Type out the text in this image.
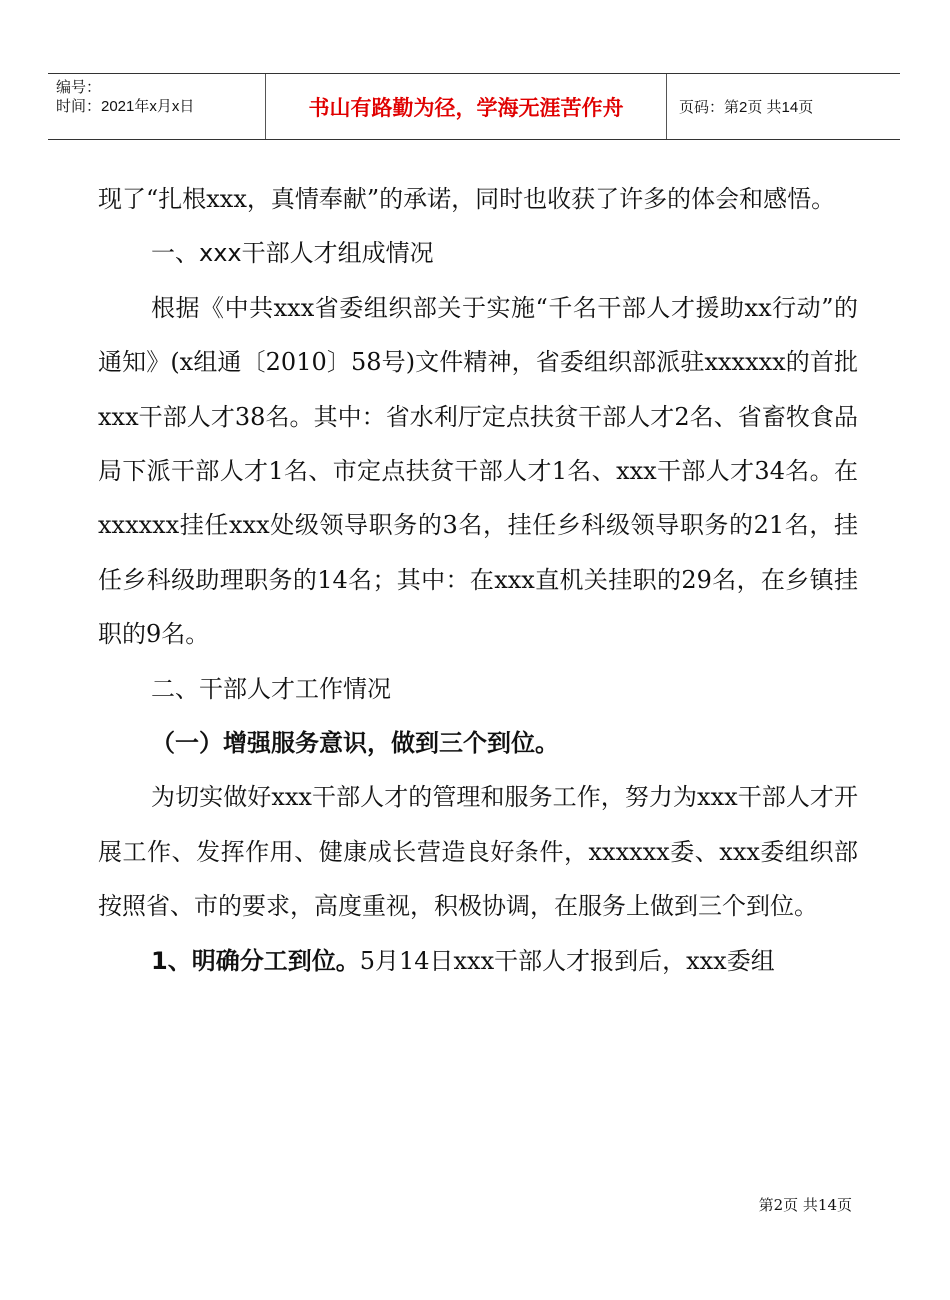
编号：
时间：2021年x月x日	书山有路勤为径，学海无涯苦作舟	页码：第2页 共14页

现了“扎根xxx，真情奉献”的承诺，同时也收获了许多的体会和感悟。

一、xxx干部人才组成情况

根据《中共xxx省委组织部关于实施“千名干部人才援助xx行动”的通知》(x组通〔2010〕58号)文件精神，省委组织部派驻xxxxxx的首批xxx干部人才38名。其中：省水利厅定点扶贫干部人才2名、省畜牧食品局下派干部人才1名、市定点扶贫干部人才1名、xxx干部人才34名。在xxxxxx挂任xxx处级领导职务的3名，挂任乡科级领导职务的21名，挂任乡科级助理职务的14名；其中：在xxx直机关挂职的29名，在乡镇挂职的9名。

二、干部人才工作情况

（一）增强服务意识，做到三个到位。

为切实做好xxx干部人才的管理和服务工作，努力为xxx干部人才开展工作、发挥作用、健康成长营造良好条件，xxxxxx委、xxx委组织部按照省、市的要求，高度重视，积极协调，在服务上做到三个到位。

1、明确分工到位。5月14日xxx干部人才报到后，xxx委组

第2页 共14页
